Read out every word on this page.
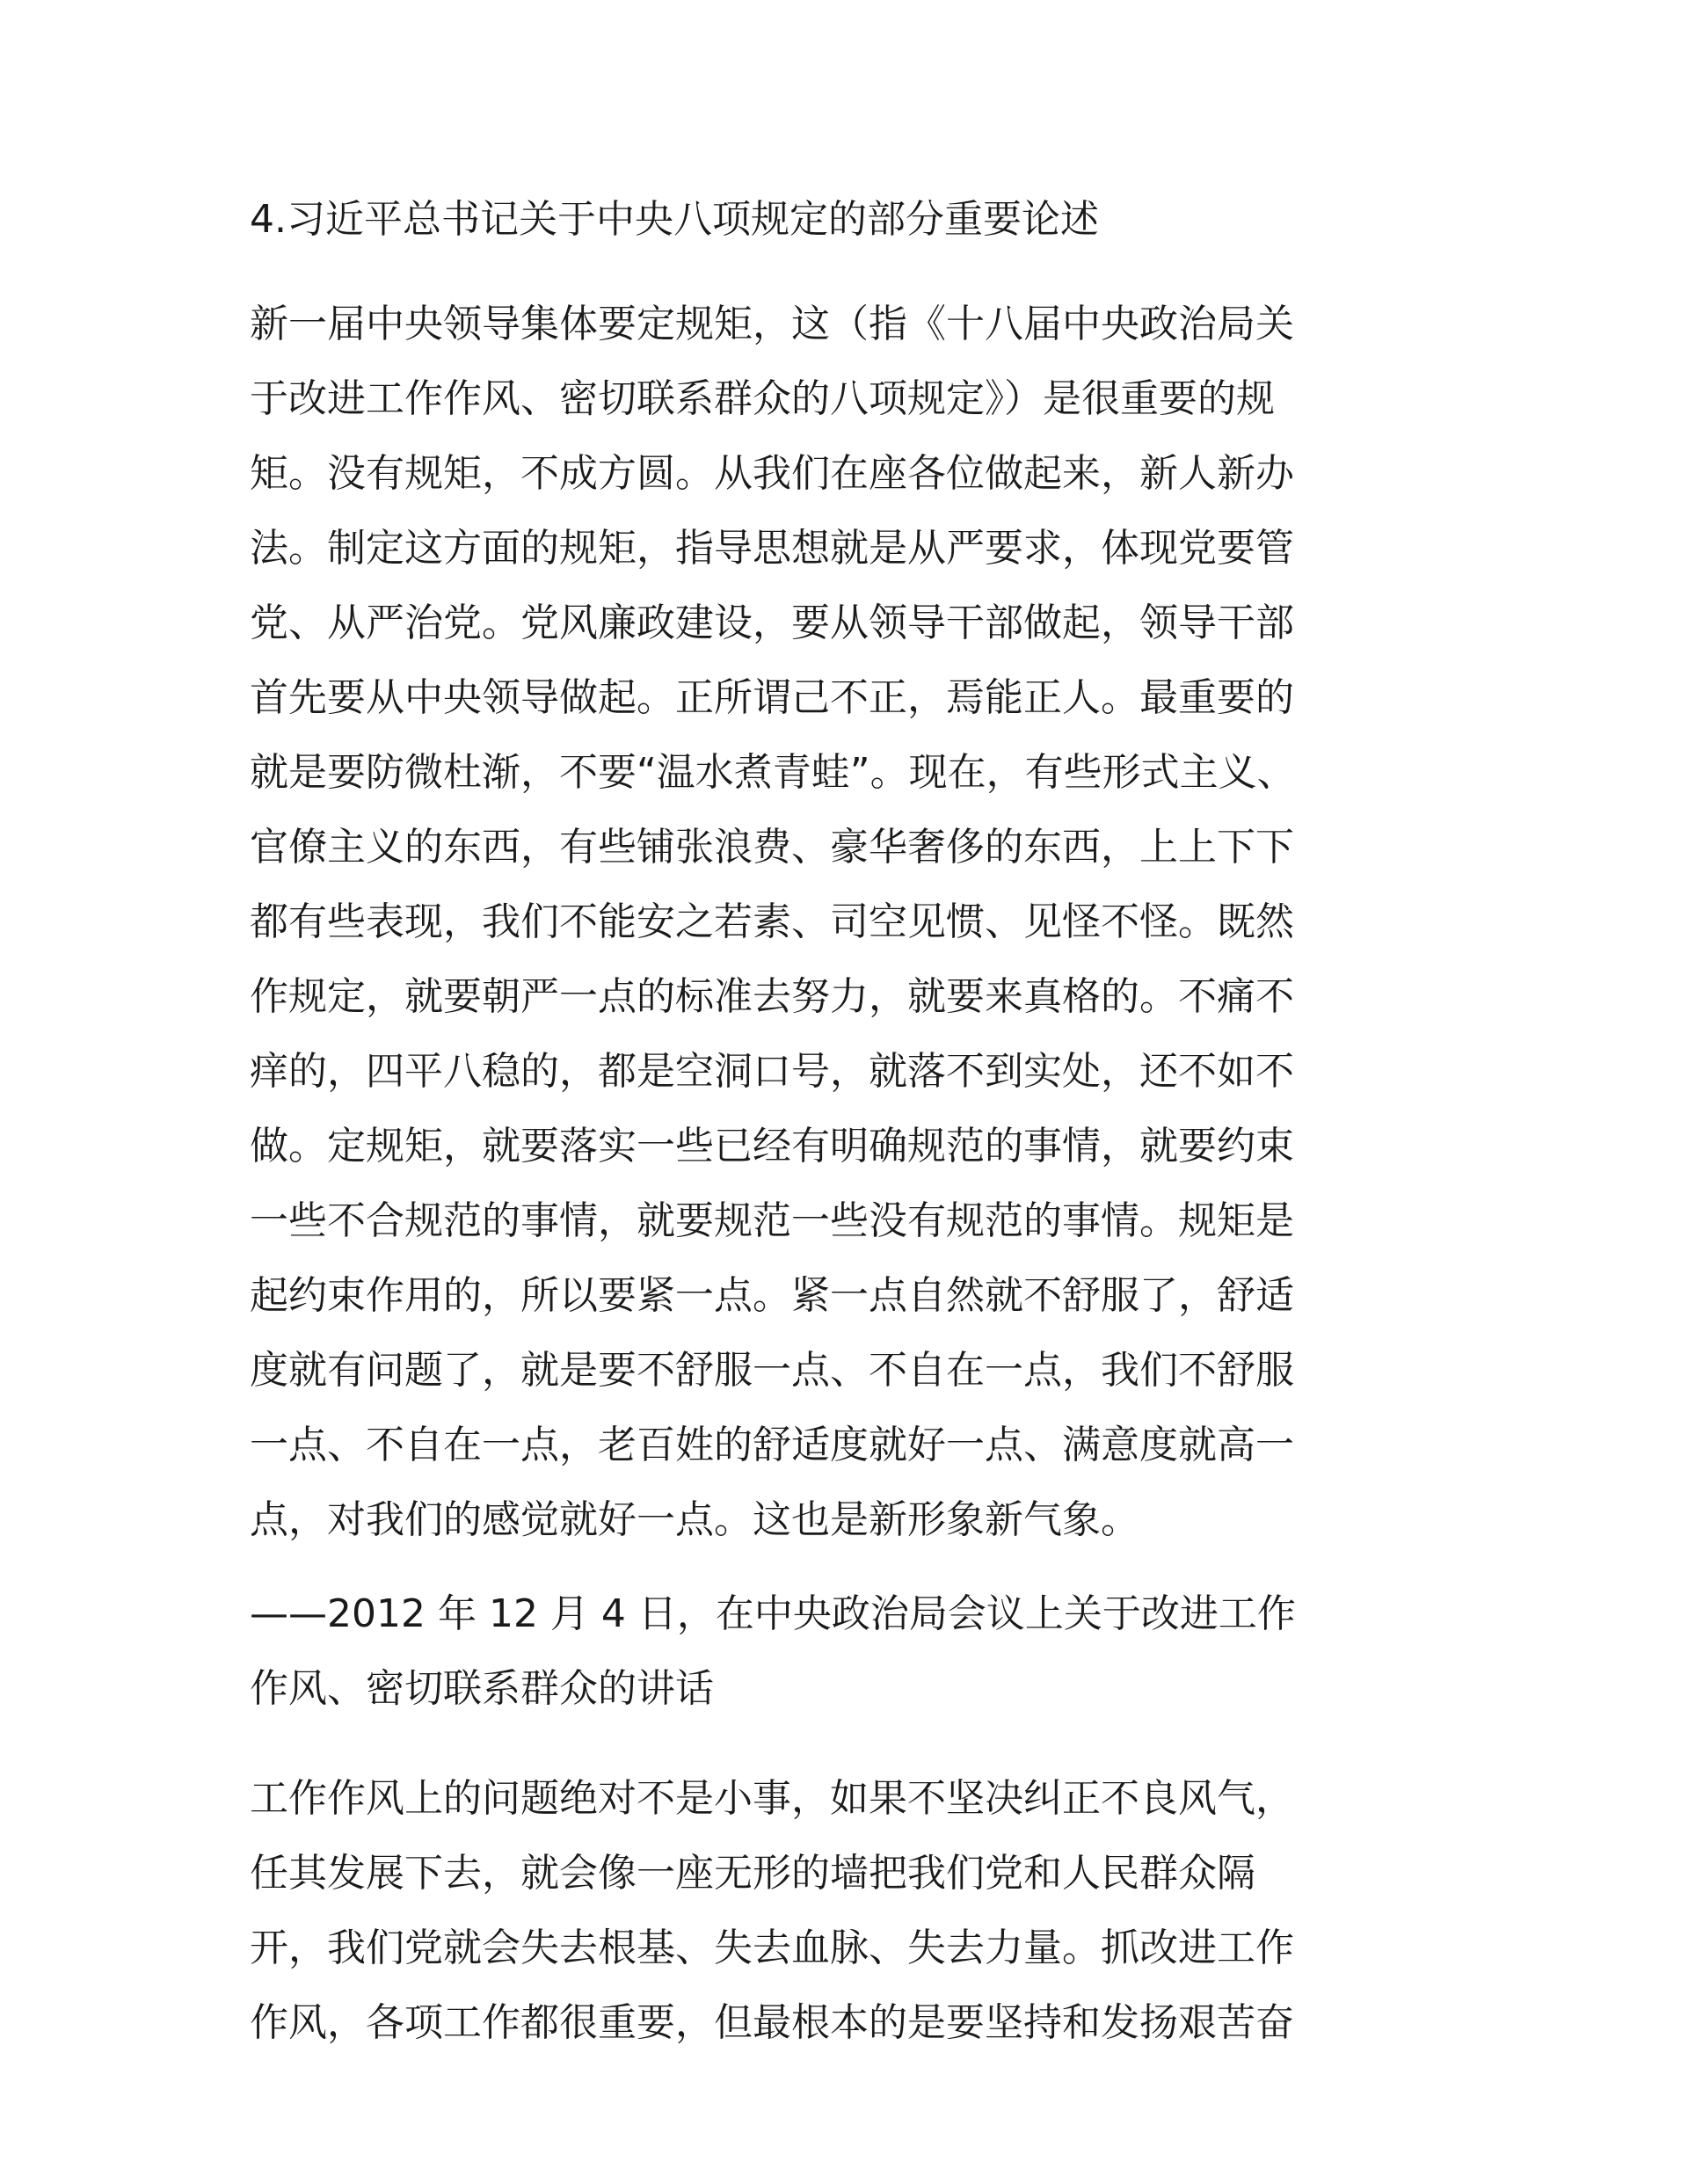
4.习近平总书记关于中央八项规定的部分重要论述
新一届中央领导集体要定规矩，这（指《十八届中央政治局关
于改进工作作风、密切联系群众的八项规定》）是很重要的规
矩。没有规矩，不成方圆。从我们在座各位做起来，新人新办
法。制定这方面的规矩，指导思想就是从严要求，体现党要管
党、从严治党。党风廉政建设，要从领导干部做起，领导干部
首先要从中央领导做起。正所谓己不正，焉能正人。最重要的
就是要防微杜渐，不要“温水煮青蛙”。现在，有些形式主义、
官僚主义的东西，有些铺张浪费、豪华奢侈的东西，上上下下
都有些表现，我们不能安之若素、司空见惯、见怪不怪。既然
作规定，就要朝严一点的标准去努力，就要来真格的。不痛不
痒的，四平八稳的，都是空洞口号，就落不到实处，还不如不
做。定规矩，就要落实一些已经有明确规范的事情，就要约束
一些不合规范的事情，就要规范一些没有规范的事情。规矩是
起约束作用的，所以要紧一点。紧一点自然就不舒服了，舒适
度就有问题了，就是要不舒服一点、不自在一点，我们不舒服
一点、不自在一点，老百姓的舒适度就好一点、满意度就高一
点，对我们的感觉就好一点。这也是新形象新气象。
——2012 年 12 月 4 日，在中央政治局会议上关于改进工作
作风、密切联系群众的讲话
工作作风上的问题绝对不是小事，如果不坚决纠正不良风气，
任其发展下去，就会像一座无形的墙把我们党和人民群众隔
开，我们党就会失去根基、失去血脉、失去力量。抓改进工作
作风，各项工作都很重要，但最根本的是要坚持和发扬艰苦奋
